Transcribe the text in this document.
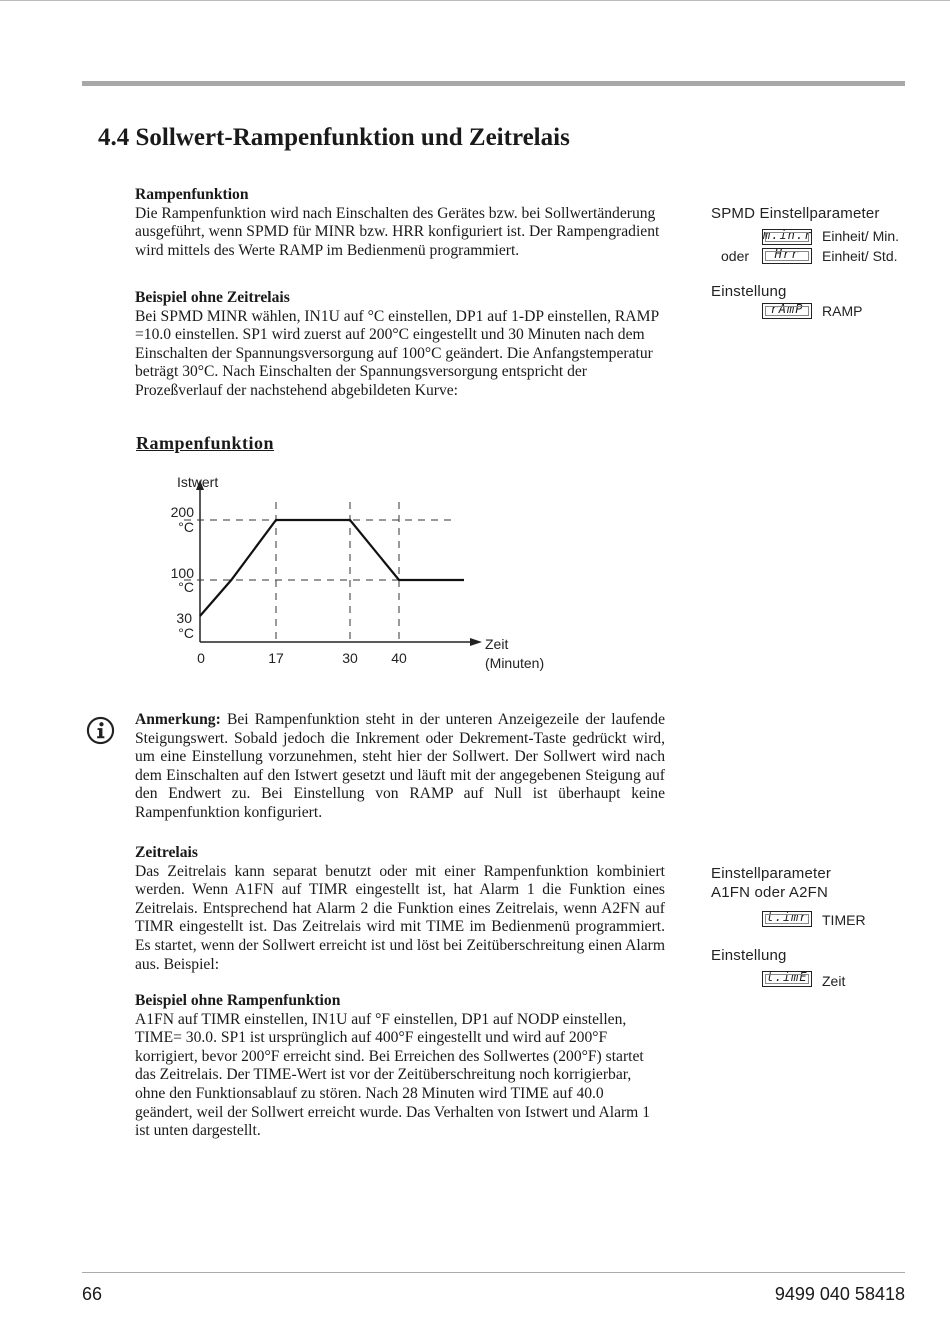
4.4 Sollwert-Rampenfunktion und Zeitrelais

Rampenfunktion

Die Rampenfunktion wird nach Einschalten des Gerätes bzw. bei Sollwertänderung ausgeführt, wenn SPMD für MINR bzw. HRR konfiguriert ist. Der Rampengradient wird mittels des Werte RAMP im Bedienmenü programmiert.

Beispiel ohne Zeitrelais

Bei SPMD MINR wählen, IN1U auf °C einstellen, DP1 auf 1-DP einstellen, RAMP =10.0 einstellen. SP1 wird zuerst auf 200°C eingestellt und 30 Minuten nach dem Einschalten der Spannungsversorgung auf 100°C geändert. Die Anfangstemperatur beträgt 30°C. Nach Einschalten der Spannungsversorgung entspricht der Prozeßverlauf der nachstehend abgebildeten Kurve:

SPMD Einstellparameter
m.in.r Einheit/ Min.
oder	Hrr	Einheit/ Std.
Einstellung
rAmP	RAMP
Rampenfunktion
Istwert
200
°C
100
°C
30
°C
0	17	30 40
Zeit
(Minuten)

Anmerkung: Bei Rampenfunktion steht in der unteren Anzeigezeile der laufende Steigungswert. Sobald jedoch die Inkrement oder Dekrement-Taste gedrückt wird, um eine Einstellung vorzunehmen, steht hier der Sollwert. Der Sollwert wird nach dem Einschalten auf den Istwert gesetzt und läuft mit der angegebenen Steigung auf den Endwert zu. Bei Einstellung von RAMP auf Null ist überhaupt keine Rampenfunktion konfiguriert.

Zeitrelais

Das Zeitrelais kann separat benutzt oder mit einer Rampenfunktion kombiniert werden. Wenn A1FN auf TIMR eingestellt ist, hat Alarm 1 die Funktion eines Zeitrelais. Entsprechend hat Alarm 2 die Funktion eines Zeitrelais, wenn A2FN auf TIMR eingestellt ist. Das Zeitrelais wird mit TIME im Bedienmenü programmiert. Es startet, wenn der Sollwert erreicht ist und löst bei Zeitüberschreitung einen Alarm aus. Beispiel:

Beispiel ohne Rampenfunktion

A1FN auf TIMR einstellen, IN1U auf °F einstellen, DP1 auf NODP einstellen, TIME= 30.0. SP1 ist ursprünglich auf 400°F eingestellt und wird auf 200°F korrigiert, bevor 200°F erreicht sind. Bei Erreichen des Sollwertes (200°F) startet das Zeitrelais. Der TIME-Wert ist vor der Zeitüberschreitung noch korrigierbar, ohne den Funktionsablauf zu stören. Nach 28 Minuten wird TIME auf 40.0 geändert, weil der Sollwert erreicht wurde. Das Verhalten von Istwert und Alarm 1 ist unten dargestellt.

Einstellparameter
A1FN oder A2FN
t.imr TIMER
Einstellung
t.imE Zeit
66	9499 040 58418
